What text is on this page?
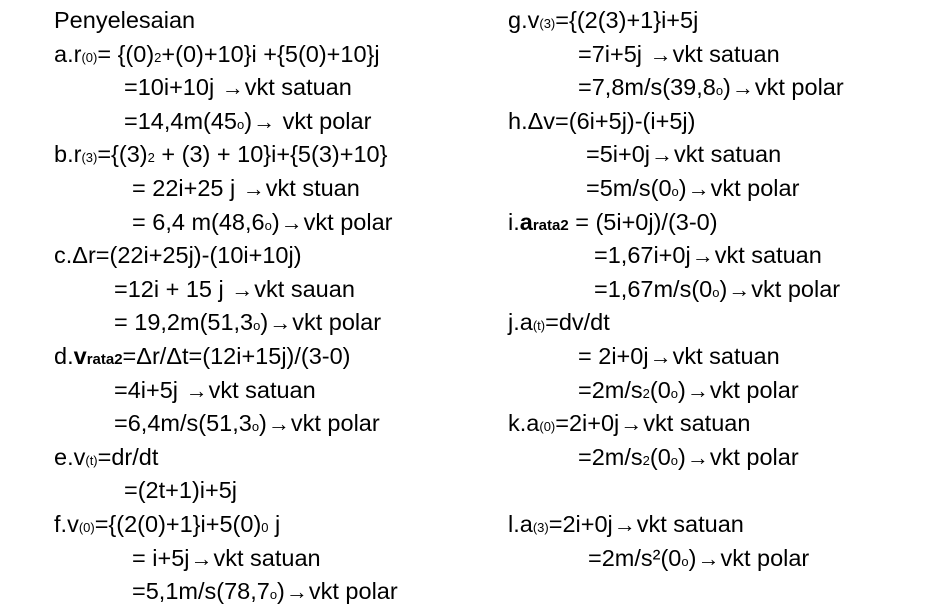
Penyelesaian
a. r (0) = {(0) 2 +(0)+10}i +{5(0)+10}j
=10i+10j → vkt satuan
=14,4m(45 o ) → vkt polar
b. r (3) ={(3) 2 + (3) + 10}i+{5(3)+10}
= 22i+25 j → vkt stuan
= 6,4 m(48,6 o ) → vkt polar
c. Δr=(22i+25j)-(10i+10j)
=12i + 15 j → vkt sauan
= 19,2m(51,3 o ) → vkt polar
d. v rata2 =Δr/Δt=(12i+15j)/(3-0)
=4i+5j → vkt satuan
=6,4m/s(51,3 o ) → vkt polar
e. v (t) =dr/dt
=(2t+1)i+5j
f. v (0) ={(2(0)+1}i+5(0) 0 j
= i+5j → vkt satuan
=5,1m/s(78,7 o ) → vkt polar
g. v (3) ={(2(3)+1}i+5j
=7i+5j → vkt satuan
=7,8m/s(39,8 o ) → vkt polar
h. Δv=(6i+5j)-(i+5j)
=5i+0j → vkt satuan
=5m/s(0 o ) → vkt polar
i. a rata2 = (5i+0j)/(3-0)
=1,67i+0j → vkt satuan
=1,67m/s(0 o ) → vkt polar
j. a (t) =dv/dt
= 2i+0j → vkt satuan
=2m/s 2 (0 o ) → vkt polar
k. a (0) =2i+0j → vkt satuan
=2m/s 2 (0 o ) → vkt polar
l. a (3) =2i+0j → vkt satuan
=2m/s²(0 o ) → vkt polar
